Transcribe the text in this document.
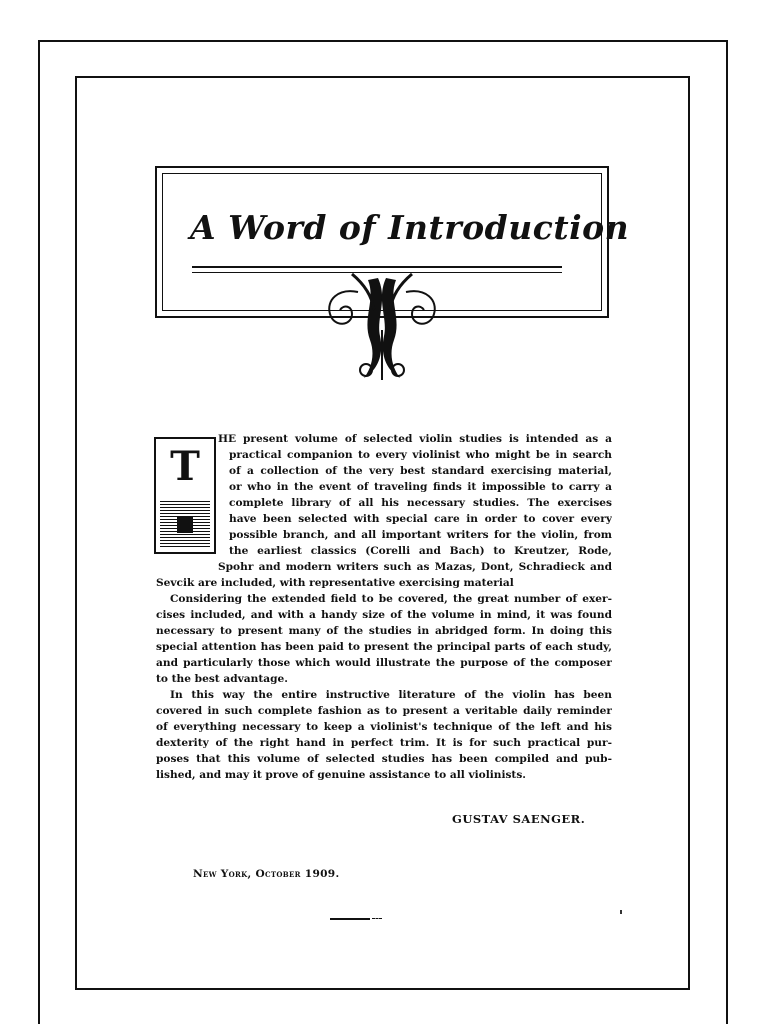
A Word of Introduction
T
HE present volume of selected violin studies is intended as a
practical companion to every violinist who might be in search
of a collection of the very best standard exercising material,
or who in the event of traveling finds it impossible to carry a
complete library of all his necessary studies. The exercises
have been selected with special care in order to cover every
possible branch, and all important writers for the violin, from
the earliest classics (Corelli and Bach) to Kreutzer, Rode,
Spohr and modern writers such as Mazas, Dont, Schradieck and
Sevcik are included, with representative exercising material
Considering the extended field to be covered, the great number of exer-
cises included, and with a handy size of the volume in mind, it was found
necessary to present many of the studies in abridged form. In doing this
special attention has been paid to present the principal parts of each study,
and particularly those which would illustrate the purpose of the composer
to the best advantage.
In this way the entire instructive literature of the violin has been
covered in such complete fashion as to present a veritable daily reminder
of everything necessary to keep a violinist's technique of the left and his
dexterity of the right hand in perfect trim. It is for such practical pur-
poses that this volume of selected studies has been compiled and pub-
lished, and may it prove of genuine assistance to all violinists.
GUSTAV SAENGER.
New York, October 1909.
